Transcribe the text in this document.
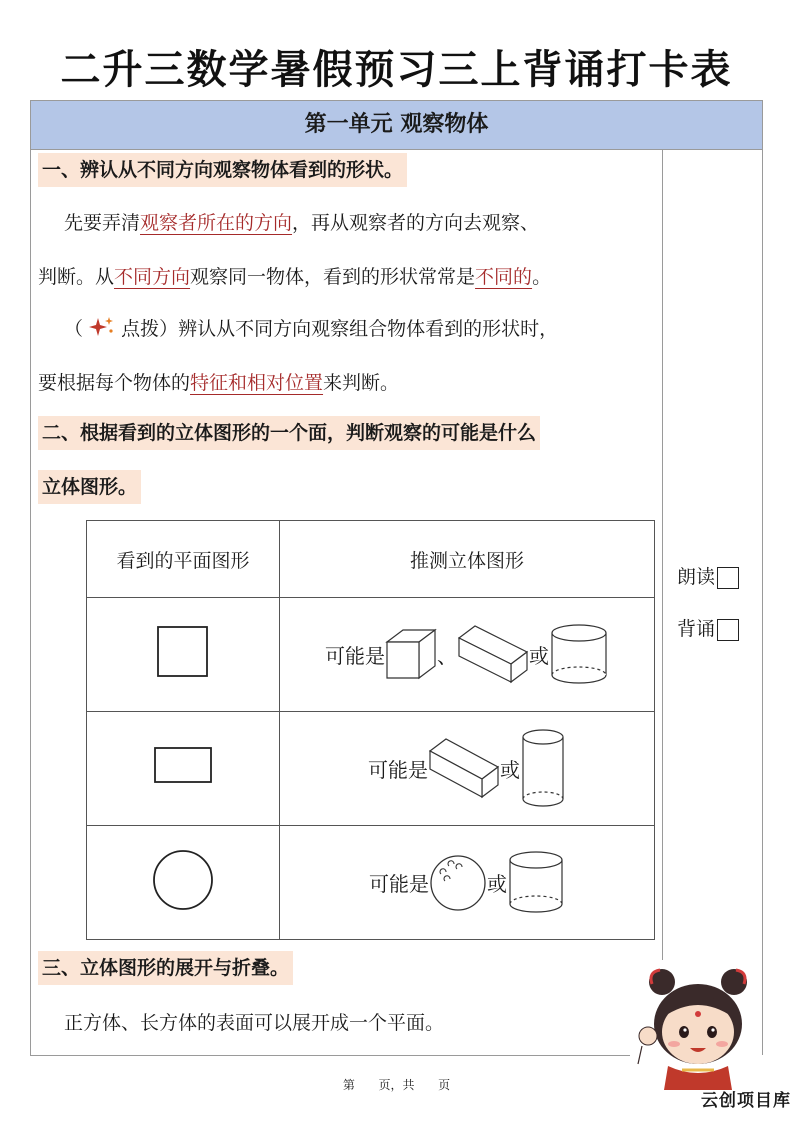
二升三数学暑假预习三上背诵打卡表
第一单元 观察物体
一、辨认从不同方向观察物体看到的形状。
先要弄清观察者所在的方向，再从观察者的方向去观察、
判断。从不同方向观察同一物体，看到的形状常常是不同的。
（ 点拨）辨认从不同方向观察组合物体看到的形状时，
要根据每个物体的特征和相对位置来判断。
二、根据看到的立体图形的一个面，判断观察的可能是什么
立体图形。
看到的平面图形	推测立体图形

可能是 、 或

可能是 或

可能是 或
朗读
背诵
三、立体图形的展开与折叠。
正方体、长方体的表面可以展开成一个平面。
第 页，共 页
云创项目库
